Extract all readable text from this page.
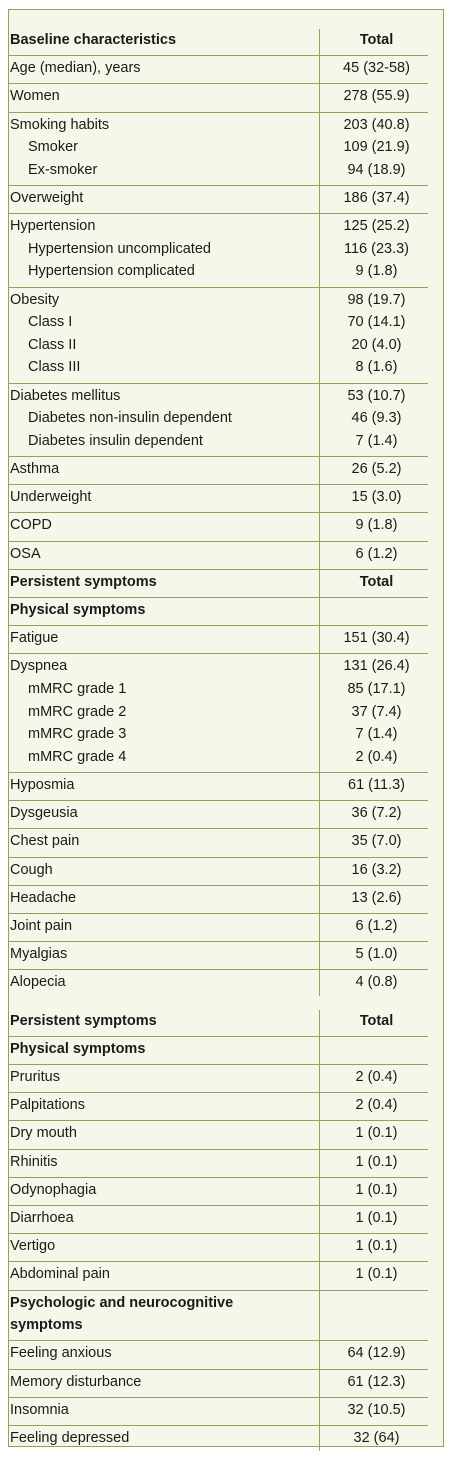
Baseline characteristics	Total
Age (median), years	45 (32-58)
Women	278 (55.9)
Smoking habits	203 (40.8)
Smoker	109 (21.9)
Ex-smoker	94 (18.9)
Overweight	186 (37.4)
Hypertension	125 (25.2)
Hypertension uncomplicated	116 (23.3)
Hypertension complicated	9 (1.8)
Obesity	98 (19.7)
Class I	70 (14.1)
Class II	20 (4.0)
Class III	8 (1.6)
Diabetes mellitus	53 (10.7)
Diabetes non-insulin dependent	46 (9.3)
Diabetes insulin dependent	7 (1.4)
Asthma	26 (5.2)
Underweight	15 (3.0)
COPD	9 (1.8)
OSA	6 (1.2)
Persistent symptoms	Total
Physical symptoms
Fatigue	151 (30.4)
Dyspnea	131 (26.4)
mMRC grade 1	85 (17.1)
mMRC grade 2	37 (7.4)
mMRC grade 3	7 (1.4)
mMRC grade 4	2 (0.4)
Hyposmia	61 (11.3)
Dysgeusia	36 (7.2)
Chest pain	35 (7.0)
Cough	16 (3.2)
Headache	13 (2.6)
Joint pain	6 (1.2)
Myalgias	5 (1.0)
Alopecia	4 (0.8)
Persistent symptoms	Total
Physical symptoms
Pruritus	2 (0.4)
Palpitations	2 (0.4)
Dry mouth	1 (0.1)
Rhinitis	1 (0.1)
Odynophagia	1 (0.1)
Diarrhoea	1 (0.1)
Vertigo	1 (0.1)
Abdominal pain	1 (0.1)
Psychologic and neurocognitive
symptoms
Feeling anxious	64 (12.9)
Memory disturbance	61 (12.3)
Insomnia	32 (10.5)
Feeling depressed	32 (64)
